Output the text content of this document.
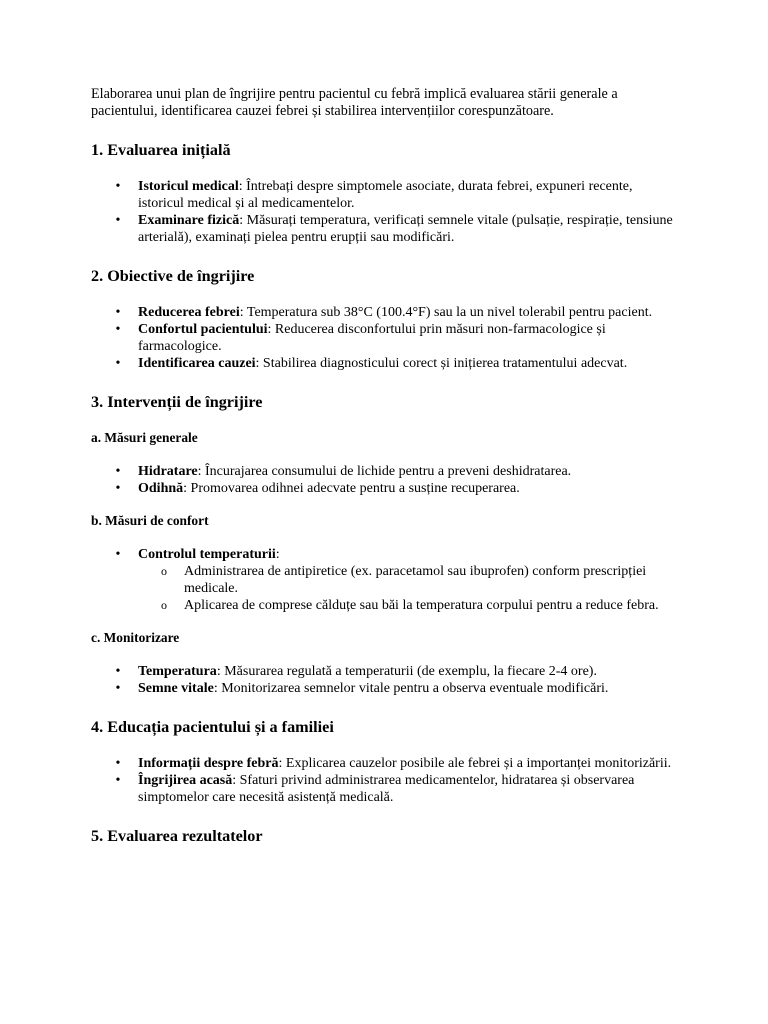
Elaborarea unui plan de îngrijire pentru pacientul cu febră implică evaluarea stării generale a pacientului, identificarea cauzei febrei și stabilirea intervențiilor corespunzătoare.

1. Evaluarea inițială
• Istoricul medical: Întrebați despre simptomele asociate, durata febrei, expuneri recente, istoricul medical și al medicamentelor.
• Examinare fizică: Măsurați temperatura, verificați semnele vitale (pulsație, respirație, tensiune arterială), examinați pielea pentru erupții sau modificări.
2. Obiective de îngrijire
• Reducerea febrei: Temperatura sub 38°C (100.4°F) sau la un nivel tolerabil pentru pacient.
• Confortul pacientului: Reducerea disconfortului prin măsuri non-farmacologice și farmacologice.
• Identificarea cauzei: Stabilirea diagnosticului corect și inițierea tratamentului adecvat.
3. Intervenții de îngrijire
a. Măsuri generale
• Hidratare: Încurajarea consumului de lichide pentru a preveni deshidratarea.
• Odihnă: Promovarea odihnei adecvate pentru a susține recuperarea.
b. Măsuri de confort
• Controlul temperaturii:
o Administrarea de antipiretice (ex. paracetamol sau ibuprofen) conform prescripției medicale.
o Aplicarea de comprese călduțe sau băi la temperatura corpului pentru a reduce febra.
c. Monitorizare
• Temperatura: Măsurarea regulată a temperaturii (de exemplu, la fiecare 2-4 ore).
• Semne vitale: Monitorizarea semnelor vitale pentru a observa eventuale modificări.
4. Educația pacientului și a familiei
• Informații despre febră: Explicarea cauzelor posibile ale febrei și a importanței monitorizării.
• Îngrijirea acasă: Sfaturi privind administrarea medicamentelor, hidratarea și observarea simptomelor care necesită asistență medicală.
5. Evaluarea rezultatelor
